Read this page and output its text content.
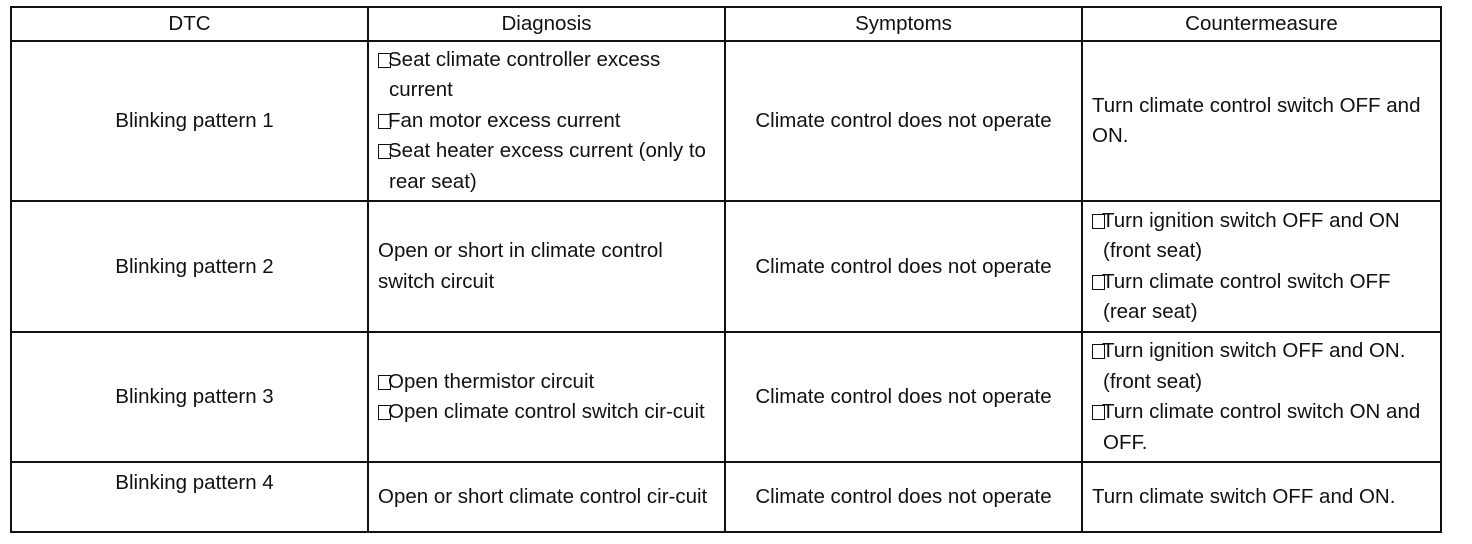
DTC	Diagnosis	Symptoms	Countermeasure
Blinking pattern 1	Seat climate controller excess current
Fan motor excess current
Seat heater excess current (only to rear seat)	Climate control does not operate	Turn climate control switch OFF and ON.

Blinking pattern 2	Open or short in climate control switch circuit	Climate control does not operate	Turn ignition switch OFF and ON (front seat)
Turn climate control switch OFF (rear seat)

Blinking pattern 3	Open thermistor circuit
Open climate control switch cir-cuit	Climate control does not operate	Turn ignition switch OFF and ON. (front seat)
Turn climate control switch ON and OFF.

Blinking pattern 4	Open or short climate control cir-cuit	Climate control does not operate	Turn climate switch OFF and ON.
